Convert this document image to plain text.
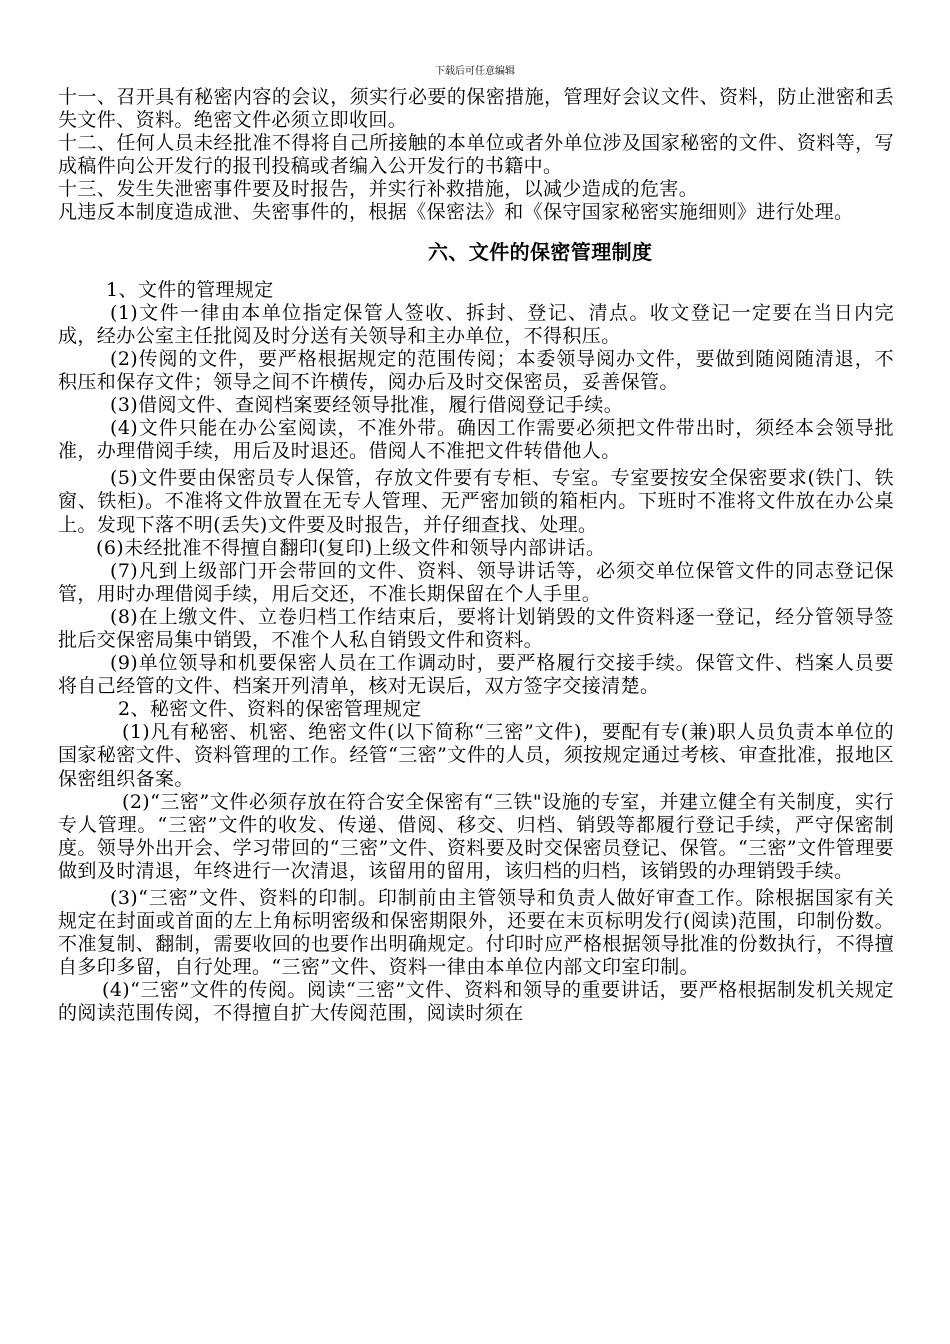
下载后可任意编辑

十一、召开具有秘密内容的会议，须实行必要的保密措施，管理好会议文件、资料，防止泄密和丢失文件、资料。绝密文件必须立即收回。

十二、任何人员未经批准不得将自己所接触的本单位或者外单位涉及国家秘密的文件、资料等，写成稿件向公开发行的报刊投稿或者编入公开发行的书籍中。

十三、发生失泄密事件要及时报告，并实行补救措施，以减少造成的危害。

凡违反本制度造成泄、失密事件的，根据《保密法》和《保守国家秘密实施细则》进行处理。

六、文件的保密管理制度

1、文件的管理规定

(1)文件一律由本单位指定保管人签收、拆封、登记、清点。收文登记一定要在当日内完成，经办公室主任批阅及时分送有关领导和主办单位，不得积压。

(2)传阅的文件，要严格根据规定的范围传阅；本委领导阅办文件，要做到随阅随清退，不积压和保存文件；领导之间不许横传，阅办后及时交保密员，妥善保管。

(3)借阅文件、查阅档案要经领导批准，履行借阅登记手续。

(4)文件只能在办公室阅读，不准外带。确因工作需要必须把文件带出时，须经本会领导批准，办理借阅手续，用后及时退还。借阅人不准把文件转借他人。

(5)文件要由保密员专人保管，存放文件要有专柜、专室。专室要按安全保密要求(铁门、铁窗、铁柜)。不准将文件放置在无专人管理、无严密加锁的箱柜内。下班时不准将文件放在办公桌上。发现下落不明(丢失)文件要及时报告，并仔细查找、处理。

(6)未经批准不得擅自翻印(复印)上级文件和领导内部讲话。

(7)凡到上级部门开会带回的文件、资料、领导讲话等，必须交单位保管文件的同志登记保管，用时办理借阅手续，用后交还，不准长期保留在个人手里。

(8)在上缴文件、立卷归档工作结束后，要将计划销毁的文件资料逐一登记，经分管领导签批后交保密局集中销毁，不准个人私自销毁文件和资料。

(9)单位领导和机要保密人员在工作调动时，要严格履行交接手续。保管文件、档案人员要将自己经管的文件、档案开列清单，核对无误后，双方签字交接清楚。

2、秘密文件、资料的保密管理规定

(1)凡有秘密、机密、绝密文件(以下简称“三密”文件)，要配有专(兼)职人员负责本单位的国家秘密文件、资料管理的工作。经管“三密”文件的人员，须按规定通过考核、审查批准，报地区保密组织备案。

(2)“三密”文件必须存放在符合安全保密有“三铁"设施的专室，并建立健全有关制度，实行专人管理。“三密”文件的收发、传递、借阅、移交、归档、销毁等都履行登记手续，严守保密制度。领导外出开会、学习带回的“三密”文件、资料要及时交保密员登记、保管。“三密”文件管理要做到及时清退，年终进行一次清退，该留用的留用，该归档的归档，该销毁的办理销毁手续。

(3)“三密”文件、资料的印制。印制前由主管领导和负责人做好审查工作。除根据国家有关规定在封面或首面的左上角标明密级和保密期限外，还要在末页标明发行(阅读)范围，印制份数。不准复制、翻制，需要收回的也要作出明确规定。付印时应严格根据领导批准的份数执行，不得擅自多印多留，自行处理。“三密”文件、资料一律由本单位内部文印室印制。

(4)“三密”文件的传阅。阅读“三密”文件、资料和领导的重要讲话，要严格根据制发机关规定的阅读范围传阅，不得擅自扩大传阅范围，阅读时须在
